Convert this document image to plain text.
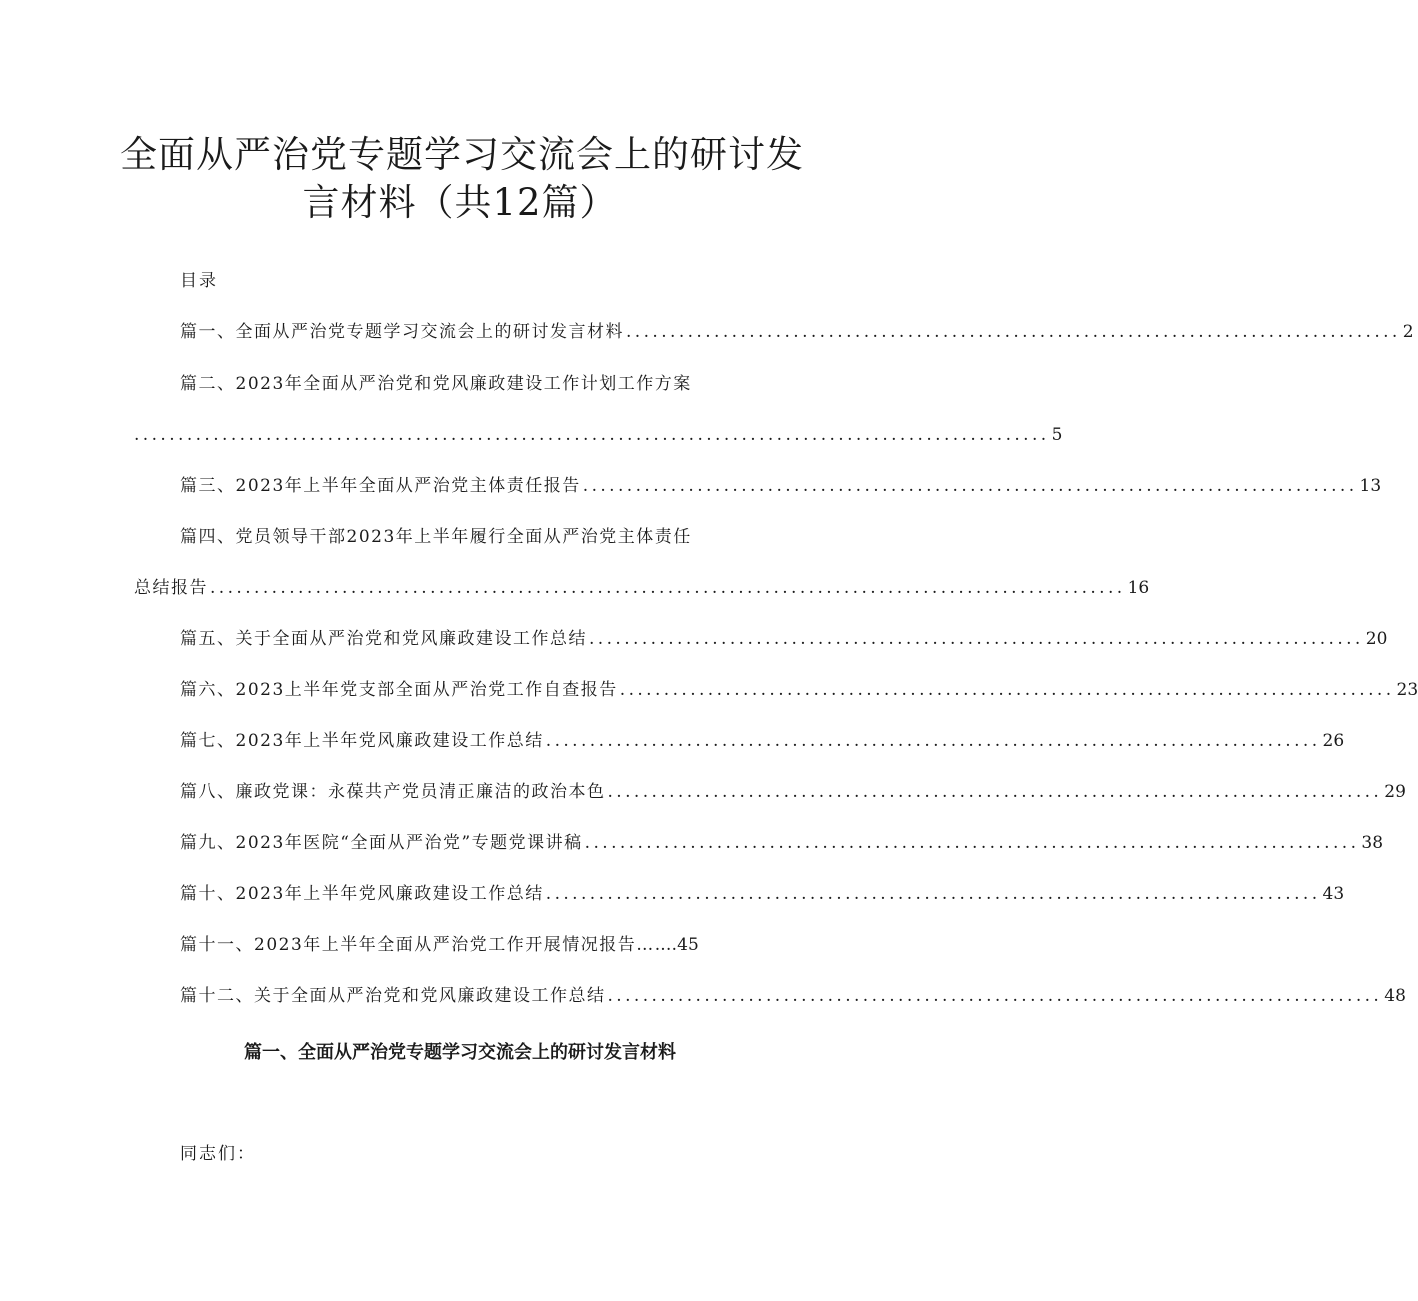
全面从严治党专题学习交流会上的研讨发
言材料（共12篇）
目录
篇一、全面从严治党专题学习交流会上的研讨发言材料 ........................................................................................ 2
篇二、2023年全面从严治党和党风廉政建设工作计划工作方案
........................................................................................................ 5
篇三、2023年上半年全面从严治党主体责任报告 ........................................................................................ 13
篇四、党员领导干部2023年上半年履行全面从严治党主体责任
总结报告 ........................................................................................................ 16
篇五、关于全面从严治党和党风廉政建设工作总结 ........................................................................................ 20
篇六、2023上半年党支部全面从严治党工作自查报告 ........................................................................................ 23
篇七、2023年上半年党风廉政建设工作总结 ........................................................................................ 26
篇八、廉政党课：永葆共产党员清正廉洁的政治本色 ........................................................................................ 29
篇九、2023年医院“全面从严治党”专题党课讲稿 ........................................................................................ 38
篇十、2023年上半年党风廉政建设工作总结 ........................................................................................ 43
篇十一、2023年上半年全面从严治党工作开展情况报告… .… 45
篇十二、关于全面从严治党和党风廉政建设工作总结 ........................................................................................ 48
篇一、全面从严治党专题学习交流会上的研讨发言材料
同志们：
